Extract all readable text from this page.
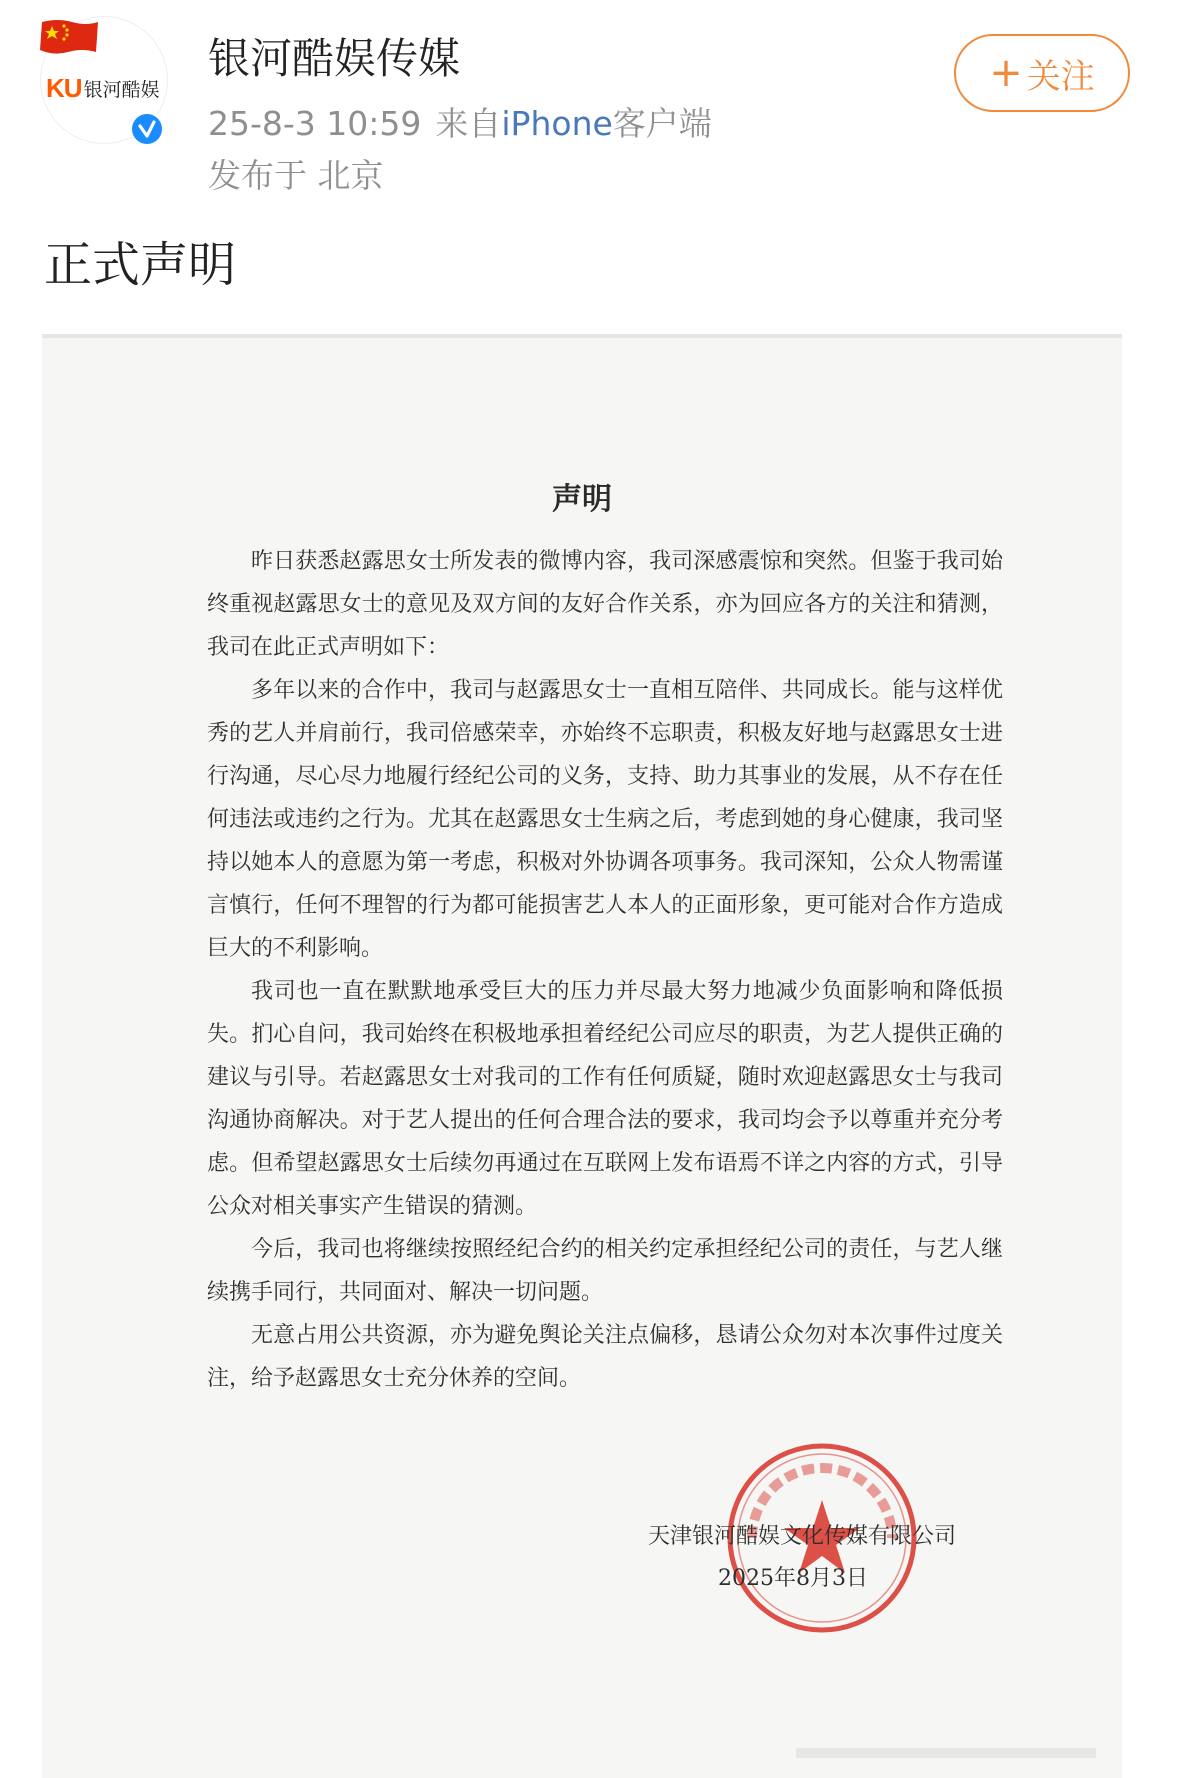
KU 银河酷娱
银河酷娱传媒
25-8-3 10:59 来自iPhone客户端
发布于 北京
+ 关注
正式声明
声明

昨日获悉赵露思女士所发表的微博内容，我司深感震惊和突然。但鉴于我司始终重视赵露思女士的意见及双方间的友好合作关系，亦为回应各方的关注和猜测，我司在此正式声明如下：

多年以来的合作中，我司与赵露思女士一直相互陪伴、共同成长。能与这样优秀的艺人并肩前行，我司倍感荣幸，亦始终不忘职责，积极友好地与赵露思女士进行沟通，尽心尽力地履行经纪公司的义务，支持、助力其事业的发展，从不存在任何违法或违约之行为。尤其在赵露思女士生病之后，考虑到她的身心健康，我司坚持以她本人的意愿为第一考虑，积极对外协调各项事务。我司深知，公众人物需谨言慎行，任何不理智的行为都可能损害艺人本人的正面形象，更可能对合作方造成巨大的不利影响。

我司也一直在默默地承受巨大的压力并尽最大努力地减少负面影响和降低损失。扪心自问，我司始终在积极地承担着经纪公司应尽的职责，为艺人提供正确的建议与引导。若赵露思女士对我司的工作有任何质疑，随时欢迎赵露思女士与我司沟通协商解决。对于艺人提出的任何合理合法的要求，我司均会予以尊重并充分考虑。但希望赵露思女士后续勿再通过在互联网上发布语焉不详之内容的方式，引导公众对相关事实产生错误的猜测。

今后，我司也将继续按照经纪合约的相关约定承担经纪公司的责任，与艺人继续携手同行，共同面对、解决一切问题。

无意占用公共资源，亦为避免舆论关注点偏移，恳请公众勿对本次事件过度关注，给予赵露思女士充分休养的空间。

天津银河酷娱文化传媒有限公司
2025年8月3日
